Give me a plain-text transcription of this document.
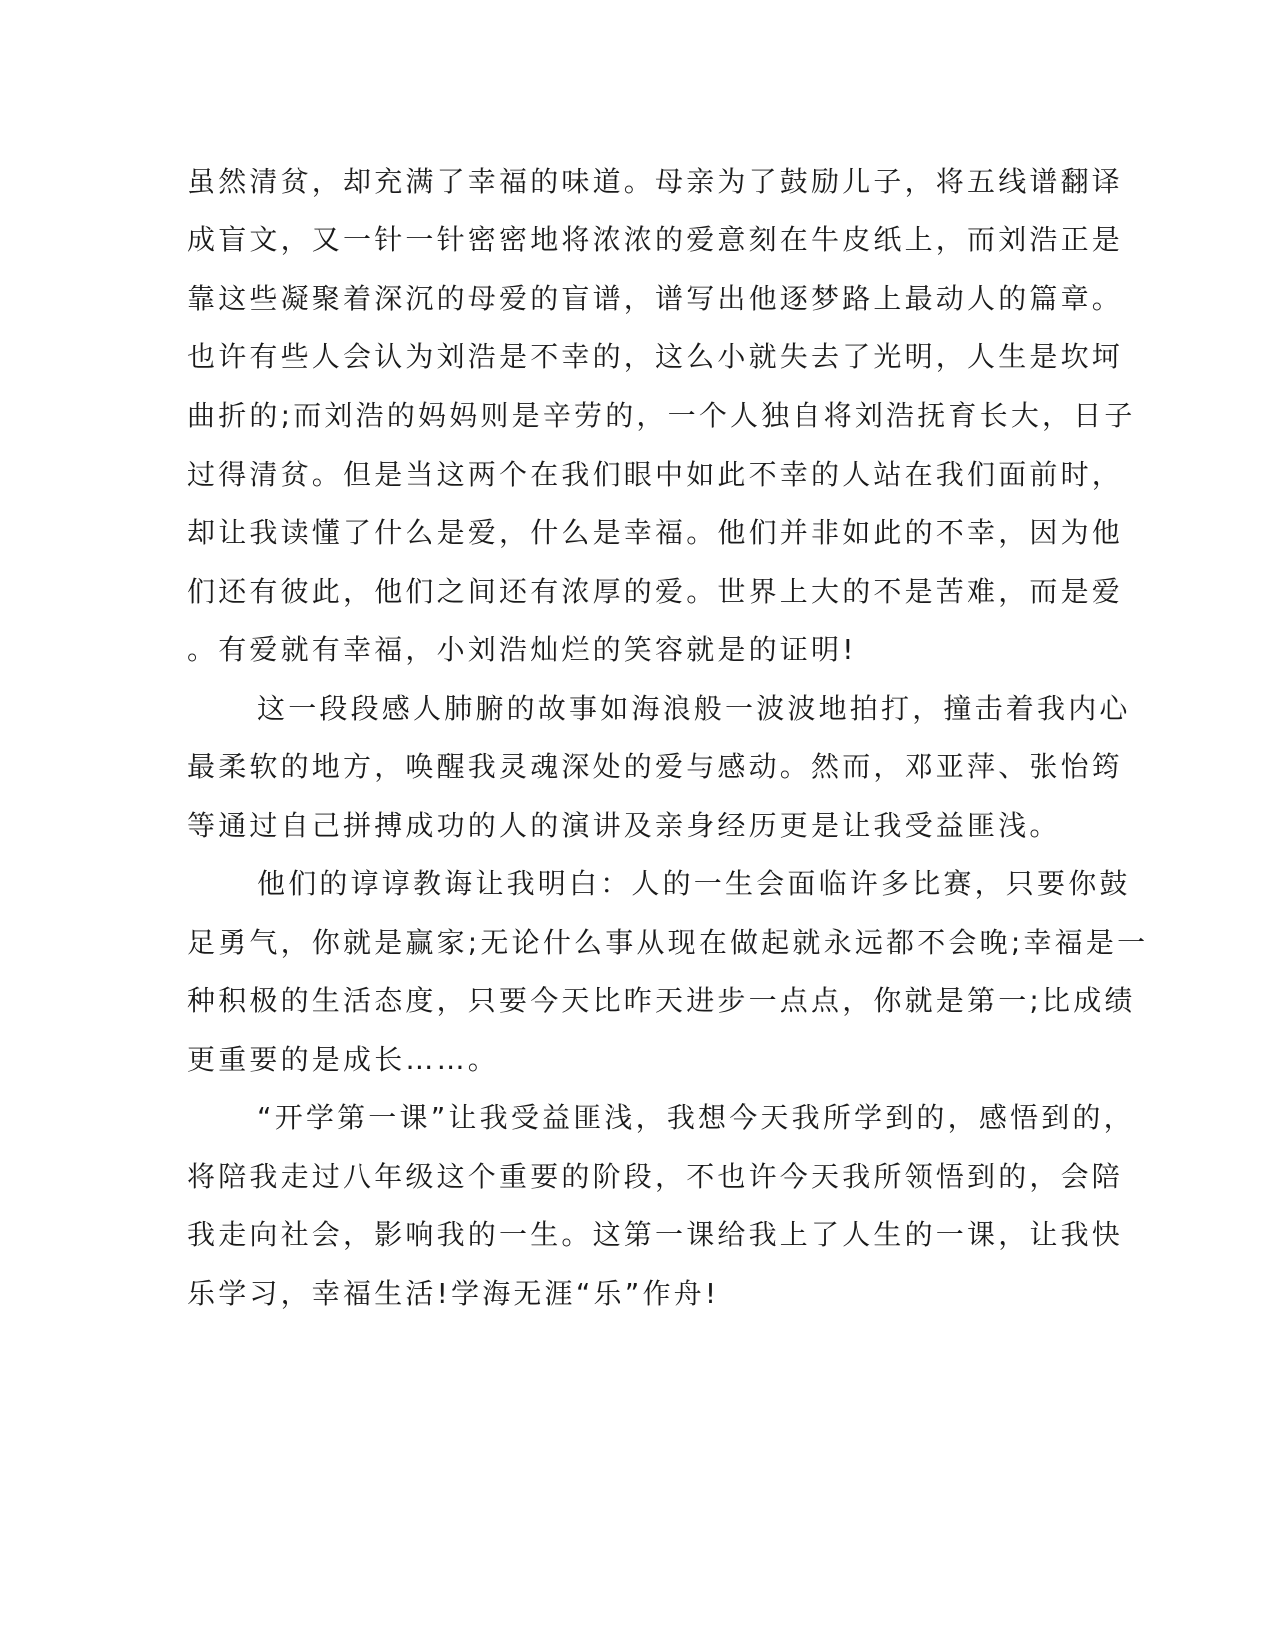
虽然清贫，却充满了幸福的味道。母亲为了鼓励儿子，将五线谱翻译
成盲文，又一针一针密密地将浓浓的爱意刻在牛皮纸上，而刘浩正是
靠这些凝聚着深沉的母爱的盲谱，谱写出他逐梦路上最动人的篇章。
也许有些人会认为刘浩是不幸的，这么小就失去了光明，人生是坎坷
曲折的;而刘浩的妈妈则是辛劳的，一个人独自将刘浩抚育长大，日子
过得清贫。但是当这两个在我们眼中如此不幸的人站在我们面前时，
却让我读懂了什么是爱，什么是幸福。他们并非如此的不幸，因为他
们还有彼此，他们之间还有浓厚的爱。世界上大的不是苦难，而是爱
。有爱就有幸福，小刘浩灿烂的笑容就是的证明!
这一段段感人肺腑的故事如海浪般一波波地拍打，撞击着我内心
最柔软的地方，唤醒我灵魂深处的爱与感动。然而，邓亚萍、张怡筠
等通过自己拼搏成功的人的演讲及亲身经历更是让我受益匪浅。
他们的谆谆教诲让我明白：人的一生会面临许多比赛，只要你鼓
足勇气，你就是赢家;无论什么事从现在做起就永远都不会晚;幸福是一
种积极的生活态度，只要今天比昨天进步一点点，你就是第一;比成绩
更重要的是成长……。
“开学第一课”让我受益匪浅，我想今天我所学到的，感悟到的，
将陪我走过八年级这个重要的阶段，不也许今天我所领悟到的，会陪
我走向社会，影响我的一生。这第一课给我上了人生的一课，让我快
乐学习，幸福生活!学海无涯“乐”作舟!
